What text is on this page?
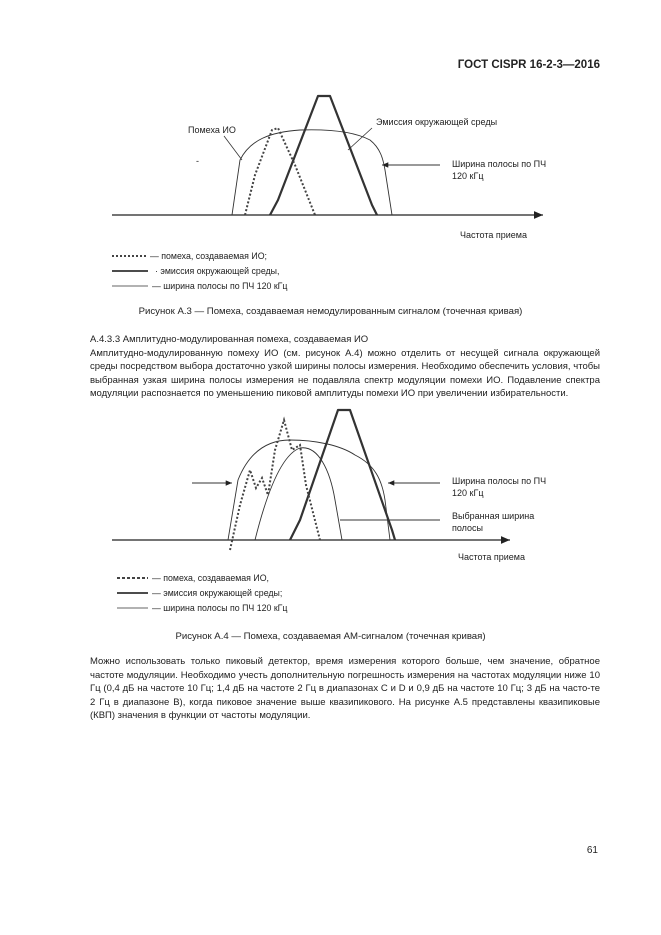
ГОСТ CISPR 16-2-3—2016
Помеха ИО
-
Эмиссия окружающей среды
Ширина полосы по ПЧ
120 кГц
Частота приема
— помеха, создаваемая ИО;
· эмиссия окружающей среды,
— ширина полосы по ПЧ 120 кГц
Рисунок А.3 — Помеха, создаваемая немодулированным сигналом (точечная кривая)

А.4.3.3 Амплитудно-модулированная помеха, создаваемая ИО

Амплитудно-модулированную помеху ИО (см. рисунок А.4) можно отделить от несущей сигнала окружающей среды посредством выбора достаточно узкой ширины полосы измерения. Необходимо обеспечить условия, чтобы выбранная узкая ширина полосы измерения не подавляла спектр модуляции помехи ИО. Подавление спектра модуляции распознается по уменьшению пиковой амплитуды помехи ИО при увеличении избирательности.

Ширина полосы по ПЧ
120 кГц
Выбранная ширина
полосы
Частота приема
— помеха, создаваемая ИО,
— эмиссия окружающей среды;
— ширина полосы по ПЧ 120 кГц
Рисунок А.4 — Помеха, создаваемая АМ-сигналом (точечная кривая)

Можно использовать только пиковый детектор, время измерения которого больше, чем значение, обратное частоте модуляции. Необходимо учесть дополнительную погрешность измерения на частотах модуляции ниже 10 Гц (0,4 дБ на частоте 10 Гц; 1,4 дБ на частоте 2 Гц в диапазонах С и D и 0,9 дБ на частоте 10 Гц; 3 дБ на часто-те 2 Гц в диапазоне В), когда пиковое значение выше квазипикового. На рисунке А.5 представлены квазипиковые (КВП) значения в функции от частоты модуляции.

61
